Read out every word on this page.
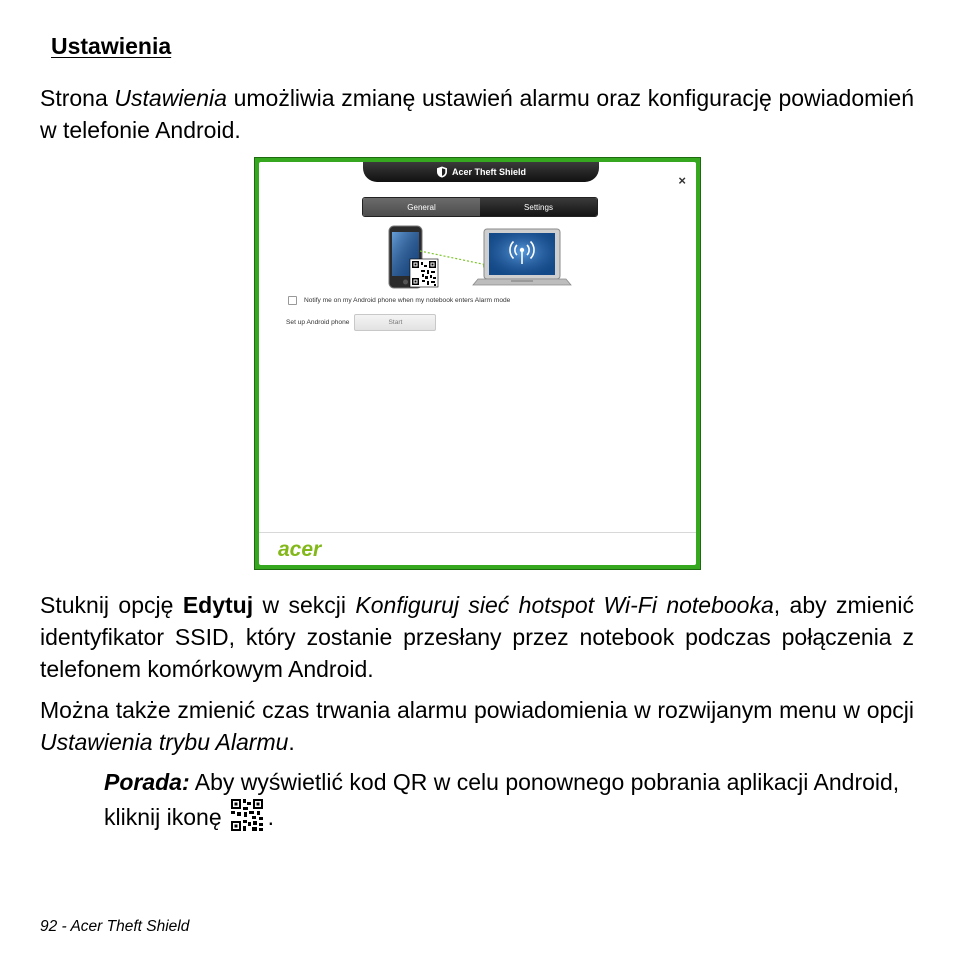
Ustawienia

Strona Ustawienia umożliwia zmianę ustawień alarmu oraz konfigurację powiadomień w telefonie Android.

Acer Theft Shield
×
General	Settings
Notify me on my Android phone when my notebook enters Alarm mode
Set up Android phone	Start
acer

Stuknij opcję Edytuj w sekcji Konfiguruj sieć hotspot Wi-Fi notebooka, aby zmienić identyfikator SSID, który zostanie przesłany przez notebook podczas połączenia z telefonem komórkowym Android.

Można także zmienić czas trwania alarmu powiadomienia w rozwijanym menu w opcji Ustawienia trybu Alarmu.

Porada: Aby wyświetlić kod QR w celu ponownego pobrania aplikacji Android, kliknij ikonę .

92 - Acer Theft Shield
